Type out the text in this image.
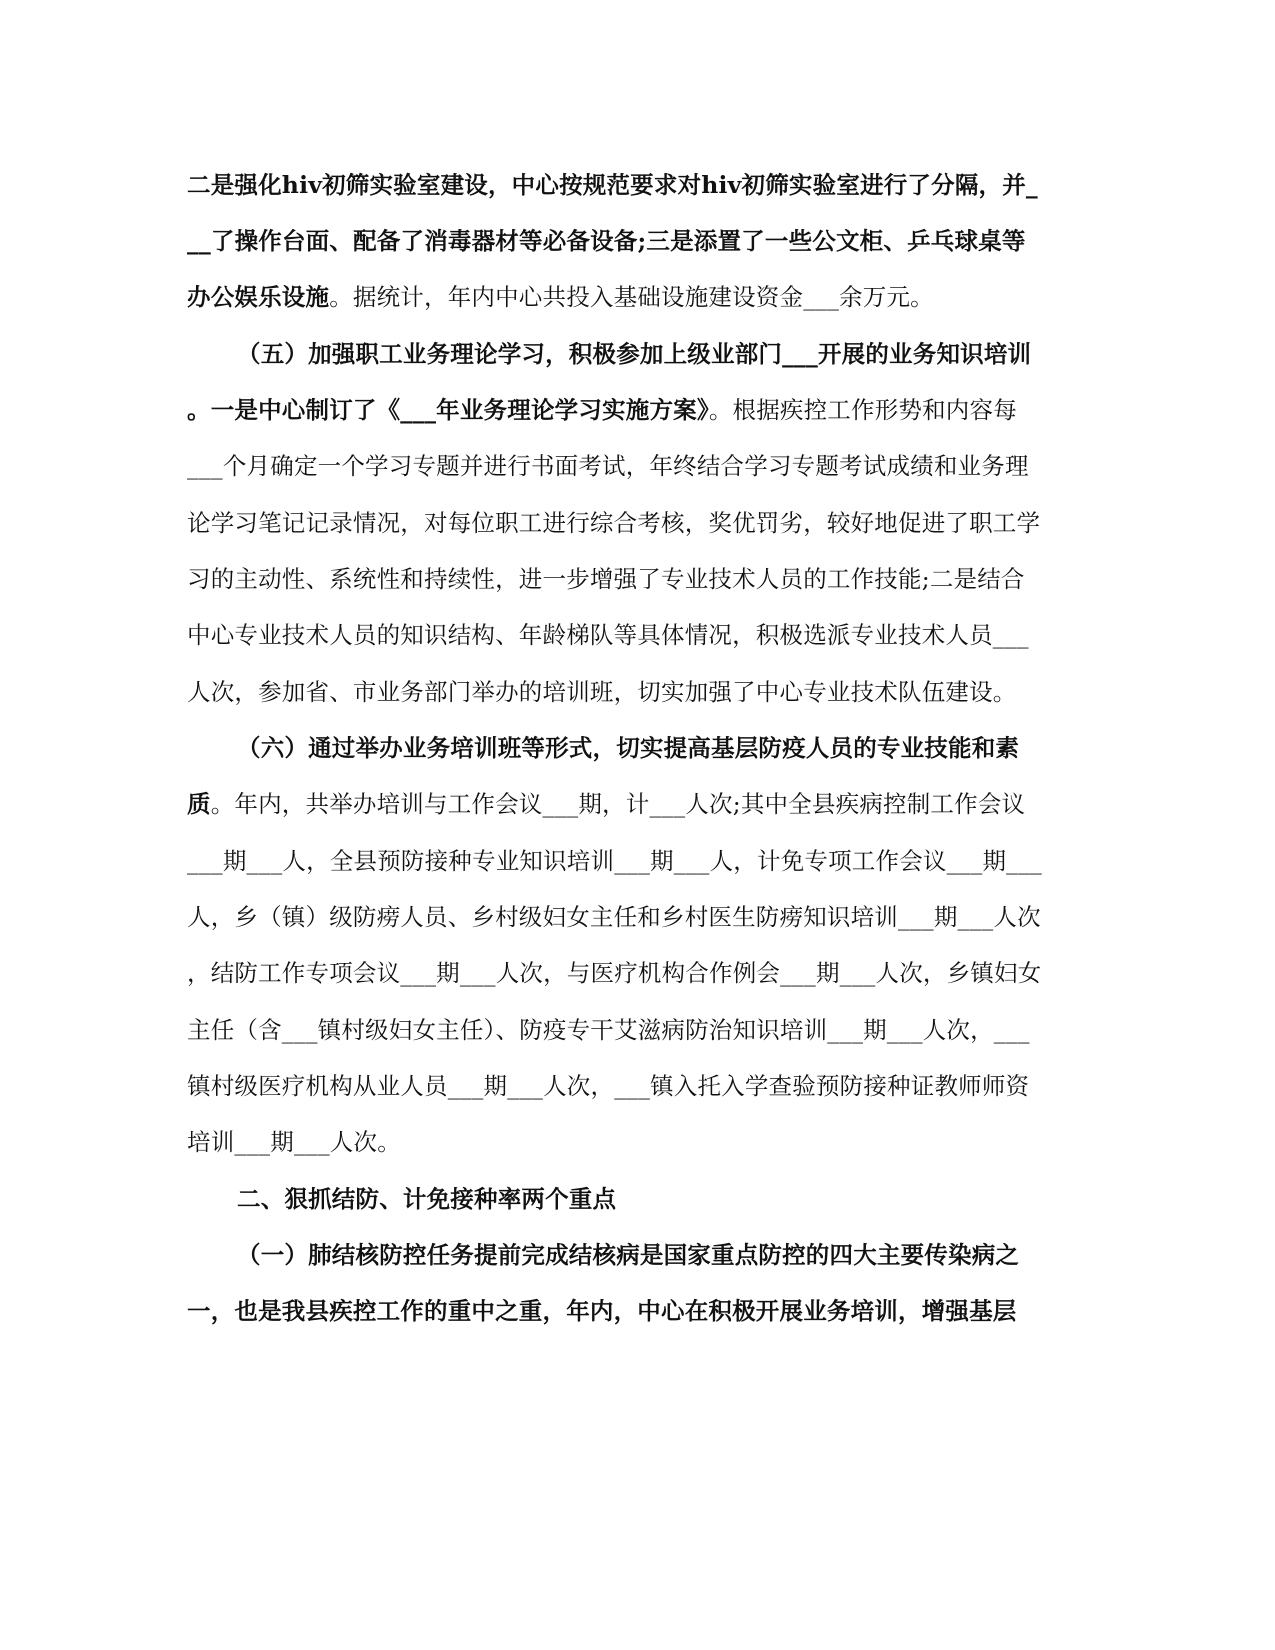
二是强化hiv初筛实验室建设，中心按规范要求对hiv初筛实验室进行了分隔，并_
__了操作台面、配备了消毒器材等必备设备;三是添置了一些公文柜、乒乓球桌等
办公娱乐设施。据统计，年内中心共投入基础设施建设资金___余万元。
（五）加强职工业务理论学习，积极参加上级业部门___开展的业务知识培训
。一是中心制订了《___年业务理论学习实施方案》。根据疾控工作形势和内容每
___个月确定一个学习专题并进行书面考试，年终结合学习专题考试成绩和业务理
论学习笔记记录情况，对每位职工进行综合考核，奖优罚劣，较好地促进了职工学
习的主动性、系统性和持续性，进一步增强了专业技术人员的工作技能;二是结合
中心专业技术人员的知识结构、年龄梯队等具体情况，积极选派专业技术人员___
人次，参加省、市业务部门举办的培训班，切实加强了中心专业技术队伍建设。
（六）通过举办业务培训班等形式，切实提高基层防疫人员的专业技能和素
质。年内，共举办培训与工作会议___期，计___人次;其中全县疾病控制工作会议
___期___人，全县预防接种专业知识培训___期___人，计免专项工作会议___期___
人，乡（镇）级防痨人员、乡村级妇女主任和乡村医生防痨知识培训___期___人次
，结防工作专项会议___期___人次，与医疗机构合作例会___期___人次，乡镇妇女
主任（含___镇村级妇女主任）、防疫专干艾滋病防治知识培训___期___人次，___
镇村级医疗机构从业人员___期___人次，___镇入托入学查验预防接种证教师师资
培训___期___人次。
二、狠抓结防、计免接种率两个重点
（一）肺结核防控任务提前完成结核病是国家重点防控的四大主要传染病之
一，也是我县疾控工作的重中之重，年内，中心在积极开展业务培训，增强基层
